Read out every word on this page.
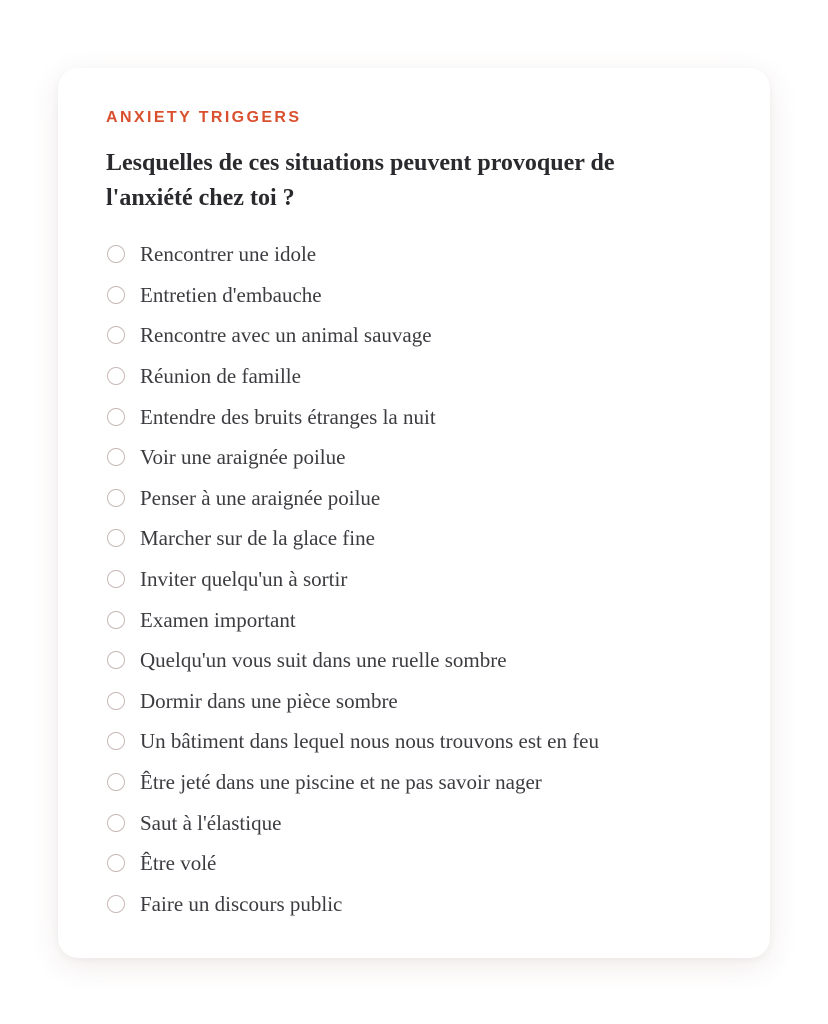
ANXIETY TRIGGERS

Lesquelles de ces situations peuvent provoquer de l'anxiété chez toi ?
Rencontrer une idole
Entretien d'embauche
Rencontre avec un animal sauvage
Réunion de famille
Entendre des bruits étranges la nuit
Voir une araignée poilue
Penser à une araignée poilue
Marcher sur de la glace fine
Inviter quelqu'un à sortir
Examen important
Quelqu'un vous suit dans une ruelle sombre
Dormir dans une pièce sombre
Un bâtiment dans lequel nous nous trouvons est en feu
Être jeté dans une piscine et ne pas savoir nager
Saut à l'élastique
Être volé
Faire un discours public
